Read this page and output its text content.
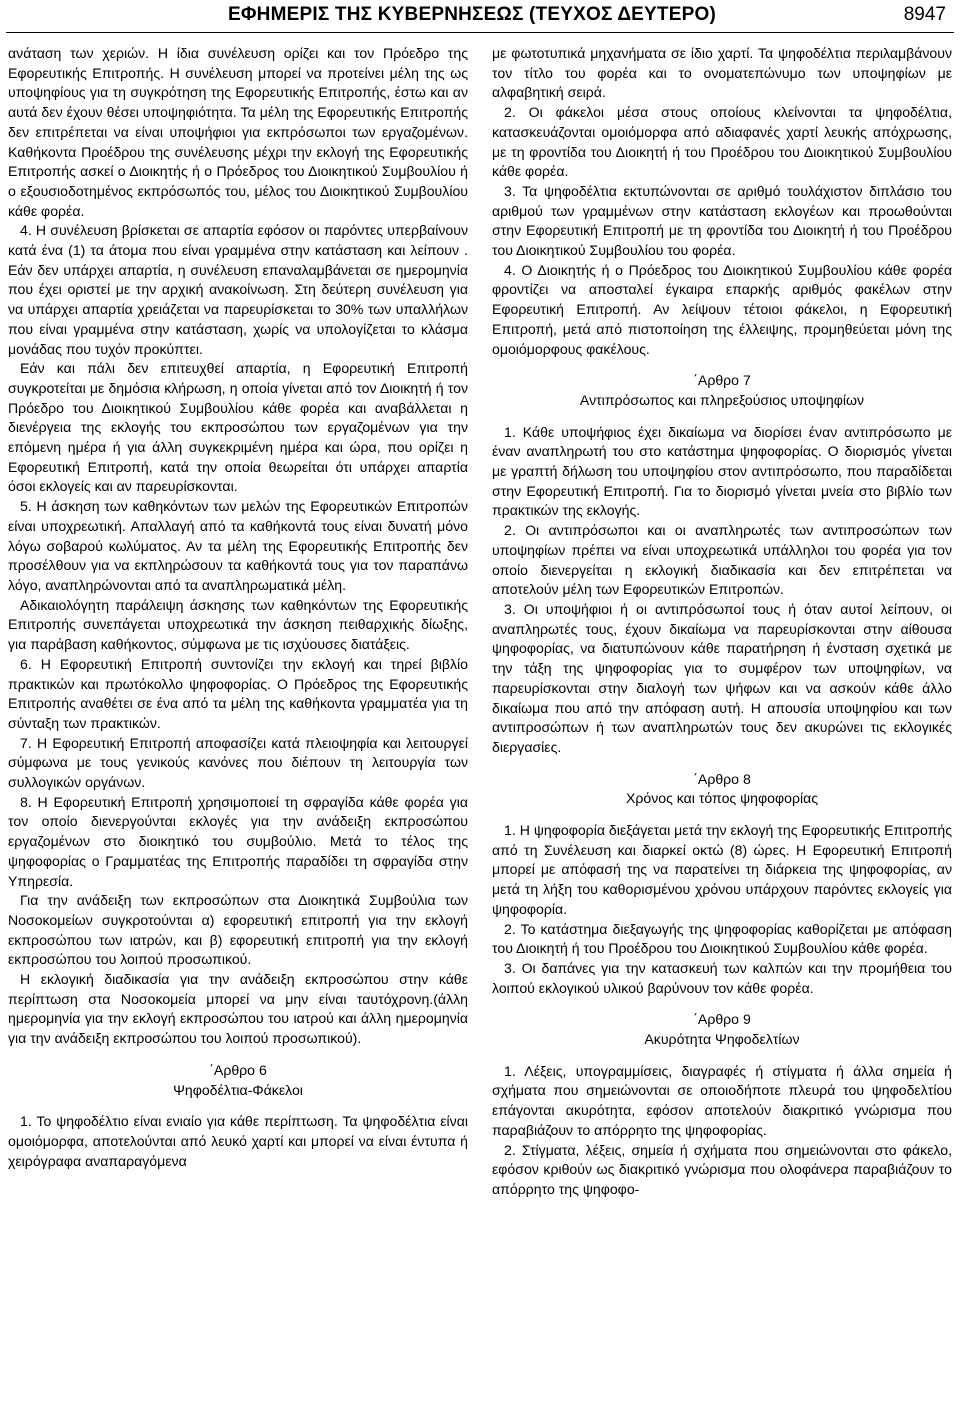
ΕΦΗΜΕΡΙΣ ΤΗΣ ΚΥΒΕΡΝΗΣΕΩΣ (ΤΕΥΧΟΣ ΔΕΥΤΕΡΟ)	8947

ανάταση των χεριών. Η ίδια συνέλευση ορίζει και τον Πρόεδρο της Εφορευτικής Επιτροπής. Η συνέλευση μπορεί να προτείνει μέλη της ως υποψηφίους για τη συγκρότηση της Εφορευτικής Επιτροπής, έστω και αν αυτά δεν έχουν θέσει υποψηφιότητα. Τα μέλη της Εφορευτικής Επιτροπής δεν επιτρέπεται να είναι υποψήφιοι για εκπρόσωποι των εργαζομένων. Καθήκοντα Προέδρου της συνέλευσης μέχρι την εκλογή της Εφορευτικής Επιτροπής ασκεί ο Διοικητής ή ο Πρόεδρος του Διοικητικού Συμβουλίου ή ο εξουσιοδοτημένος εκπρόσωπός του, μέλος του Διοικητικού Συμβουλίου κάθε φορέα.

4. Η συνέλευση βρίσκεται σε απαρτία εφόσον οι παρόντες υπερβαίνουν κατά ένα (1) τα άτομα που είναι γραμμένα στην κατάσταση και λείπουν . Εάν δεν υπάρχει απαρτία, η συνέλευση επαναλαμβάνεται σε ημερομηνία που έχει οριστεί με την αρχική ανακοίνωση. Στη δεύτερη συνέλευση για να υπάρχει απαρτία χρειάζεται να παρευρίσκεται το 30% των υπαλλήλων που είναι γραμμένα στην κατάσταση, χωρίς να υπολογίζεται το κλάσμα μονάδας που τυχόν προκύπτει.

Εάν και πάλι δεν επιτευχθεί απαρτία, η Εφορευτική Επιτροπή συγκροτείται με δημόσια κλήρωση, η οποία γίνεται από τον Διοικητή ή τον Πρόεδρο του Διοικητικού Συμβουλίου κάθε φορέα και αναβάλλεται η διενέργεια της εκλογής του εκπροσώπου των εργαζομένων για την επόμενη ημέρα ή για άλλη συγκεκριμένη ημέρα και ώρα, που ορίζει η Εφορευτική Επιτροπή, κατά την οποία θεωρείται ότι υπάρχει απαρτία όσοι εκλογείς και αν παρευρίσκονται.

5. Η άσκηση των καθηκόντων των μελών της Εφορευτικών Επιτροπών είναι υποχρεωτική. Απαλλαγή από τα καθήκοντά τους είναι δυνατή μόνο λόγω σοβαρού κωλύματος. Αν τα μέλη της Εφορευτικής Επιτροπής δεν προσέλθουν για να εκπληρώσουν τα καθήκοντά τους για τον παραπάνω λόγο, αναπληρώνονται από τα αναπληρωματικά μέλη.

Αδικαιολόγητη παράλειψη άσκησης των καθηκόντων της Εφορευτικής Επιτροπής συνεπάγεται υποχρεωτικά την άσκηση πειθαρχικής δίωξης, για παράβαση καθήκοντος, σύμφωνα με τις ισχύουσες διατάξεις.

6. Η Εφορευτική Επιτροπή συντονίζει την εκλογή και τηρεί βιβλίο πρακτικών και πρωτόκολλο ψηφοφορίας. Ο Πρόεδρος της Εφορευτικής Επιτροπής αναθέτει σε ένα από τα μέλη της καθήκοντα γραμματέα για τη σύνταξη των πρακτικών.

7. Η Εφορευτική Επιτροπή αποφασίζει κατά πλειοψηφία και λειτουργεί σύμφωνα με τους γενικούς κανόνες που διέπουν τη λειτουργία των συλλογικών οργάνων.

8. Η Εφορευτική Επιτροπή χρησιμοποιεί τη σφραγίδα κάθε φορέα για τον οποίο διενεργούνται εκλογές για την ανάδειξη εκπροσώπου εργαζομένων στο διοικητικό του συμβούλιο. Μετά το τέλος της ψηφοφορίας ο Γραμματέας της Επιτροπής παραδίδει τη σφραγίδα στην Υπηρεσία.

Για την ανάδειξη των εκπροσώπων στα Διοικητικά Συμβούλια των Νοσοκομείων συγκροτούνται α) εφορευτική επιτροπή για την εκλογή εκπροσώπου των ιατρών, και β) εφορευτική επιτροπή για την εκλογή εκπροσώπου του λοιπού προσωπικού.

Η εκλογική διαδικασία για την ανάδειξη εκπροσώπου στην κάθε περίπτωση στα Νοσοκομεία μπορεί να μην είναι ταυτόχρονη.(άλλη ημερομηνία για την εκλογή εκπροσώπου του ιατρού και άλλη ημερομηνία για την ανάδειξη εκπροσώπου του λοιπού προσωπικού).

΄Αρθρο 6
Ψηφοδέλτια-Φάκελοι

1. Το ψηφοδέλτιο είναι ενιαίο για κάθε περίπτωση. Τα ψηφοδέλτια είναι ομοιόμορφα, αποτελούνται από λευκό χαρτί και μπορεί να είναι έντυπα ή χειρόγραφα αναπαραγόμενα

με φωτοτυπικά μηχανήματα σε ίδιο χαρτί. Τα ψηφοδέλτια περιλαμβάνουν τον τίτλο του φορέα και το ονοματεπώνυμο των υποψηφίων με αλφαβητική σειρά.

2. Οι φάκελοι μέσα στους οποίους κλείνονται τα ψηφοδέλτια, κατασκευάζονται ομοιόμορφα από αδιαφανές χαρτί λευκής απόχρωσης, με τη φροντίδα του Διοικητή ή του Προέδρου του Διοικητικού Συμβουλίου κάθε φορέα.

3. Τα ψηφοδέλτια εκτυπώνονται σε αριθμό τουλάχιστον διπλάσιο του αριθμού των γραμμένων στην κατάσταση εκλογέων και προωθούνται στην Εφορευτική Επιτροπή με τη φροντίδα του Διοικητή ή του Προέδρου του Διοικητικού Συμβουλίου του φορέα.

4. Ο Διοικητής ή ο Πρόεδρος του Διοικητικού Συμβουλίου κάθε φορέα φροντίζει να αποσταλεί έγκαιρα επαρκής αριθμός φακέλων στην Εφορευτική Επιτροπή. Αν λείψουν τέτοιοι φάκελοι, η Εφορευτική Επιτροπή, μετά από πιστοποίηση της έλλειψης, προμηθεύεται μόνη της ομοιόμορφους φακέλους.

΄Αρθρο 7
Αντιπρόσωπος και πληρεξούσιος υποψηφίων

1. Κάθε υποψήφιος έχει δικαίωμα να διορίσει έναν αντιπρόσωπο με έναν αναπληρωτή του στο κατάστημα ψηφοφορίας. Ο διορισμός γίνεται με γραπτή δήλωση του υποψηφίου στον αντιπρόσωπο, που παραδίδεται στην Εφορευτική Επιτροπή. Για το διορισμό γίνεται μνεία στο βιβλίο των πρακτικών της εκλογής.

2. Οι αντιπρόσωποι και οι αναπληρωτές των αντιπροσώπων των υποψηφίων πρέπει να είναι υποχρεωτικά υπάλληλοι του φορέα για τον οποίο διενεργείται η εκλογική διαδικασία και δεν επιτρέπεται να αποτελούν μέλη των Εφορευτικών Επιτροπών.

3. Οι υποψήφιοι ή οι αντιπρόσωποί τους ή όταν αυτοί λείπουν, οι αναπληρωτές τους, έχουν δικαίωμα να παρευρίσκονται στην αίθουσα ψηφοφορίας, να διατυπώνουν κάθε παρατήρηση ή ένσταση σχετικά με την τάξη της ψηφοφορίας για το συμφέρον των υποψηφίων, να παρευρίσκονται στην διαλογή των ψήφων και να ασκούν κάθε άλλο δικαίωμα που από την απόφαση αυτή. Η απουσία υποψηφίου και των αντιπροσώπων ή των αναπληρωτών τους δεν ακυρώνει τις εκλογικές διεργασίες.

΄Αρθρο 8
Χρόνος και τόπος ψηφοφορίας

1. Η ψηφοφορία διεξάγεται μετά την εκλογή της Εφορευτικής Επιτροπής από τη Συνέλευση και διαρκεί οκτώ (8) ώρες. Η Εφορευτική Επιτροπή μπορεί με απόφασή της να παρατείνει τη διάρκεια της ψηφοφορίας, αν μετά τη λήξη του καθορισμένου χρόνου υπάρχουν παρόντες εκλογείς για ψηφοφορία.

2. Το κατάστημα διεξαγωγής της ψηφοφορίας καθορίζεται με απόφαση του Διοικητή ή του Προέδρου του Διοικητικού Συμβουλίου κάθε φορέα.

3. Οι δαπάνες για την κατασκευή των καλπών και την προμήθεια του λοιπού εκλογικού υλικού βαρύνουν τον κάθε φορέα.

΄Αρθρο 9
Ακυρότητα Ψηφοδελτίων

1. Λέξεις, υπογραμμίσεις, διαγραφές ή στίγματα ή άλλα σημεία ή σχήματα που σημειώνονται σε οποιοδήποτε πλευρά του ψηφοδελτίου επάγονται ακυρότητα, εφόσον αποτελούν διακριτικό γνώρισμα που παραβιάζουν το απόρρητο της ψηφοφορίας.

2. Στίγματα, λέξεις, σημεία ή σχήματα που σημειώνονται στο φάκελο, εφόσον κριθούν ως διακριτικό γνώρισμα που ολοφάνερα παραβιάζουν το απόρρητο της ψηφοφο-
